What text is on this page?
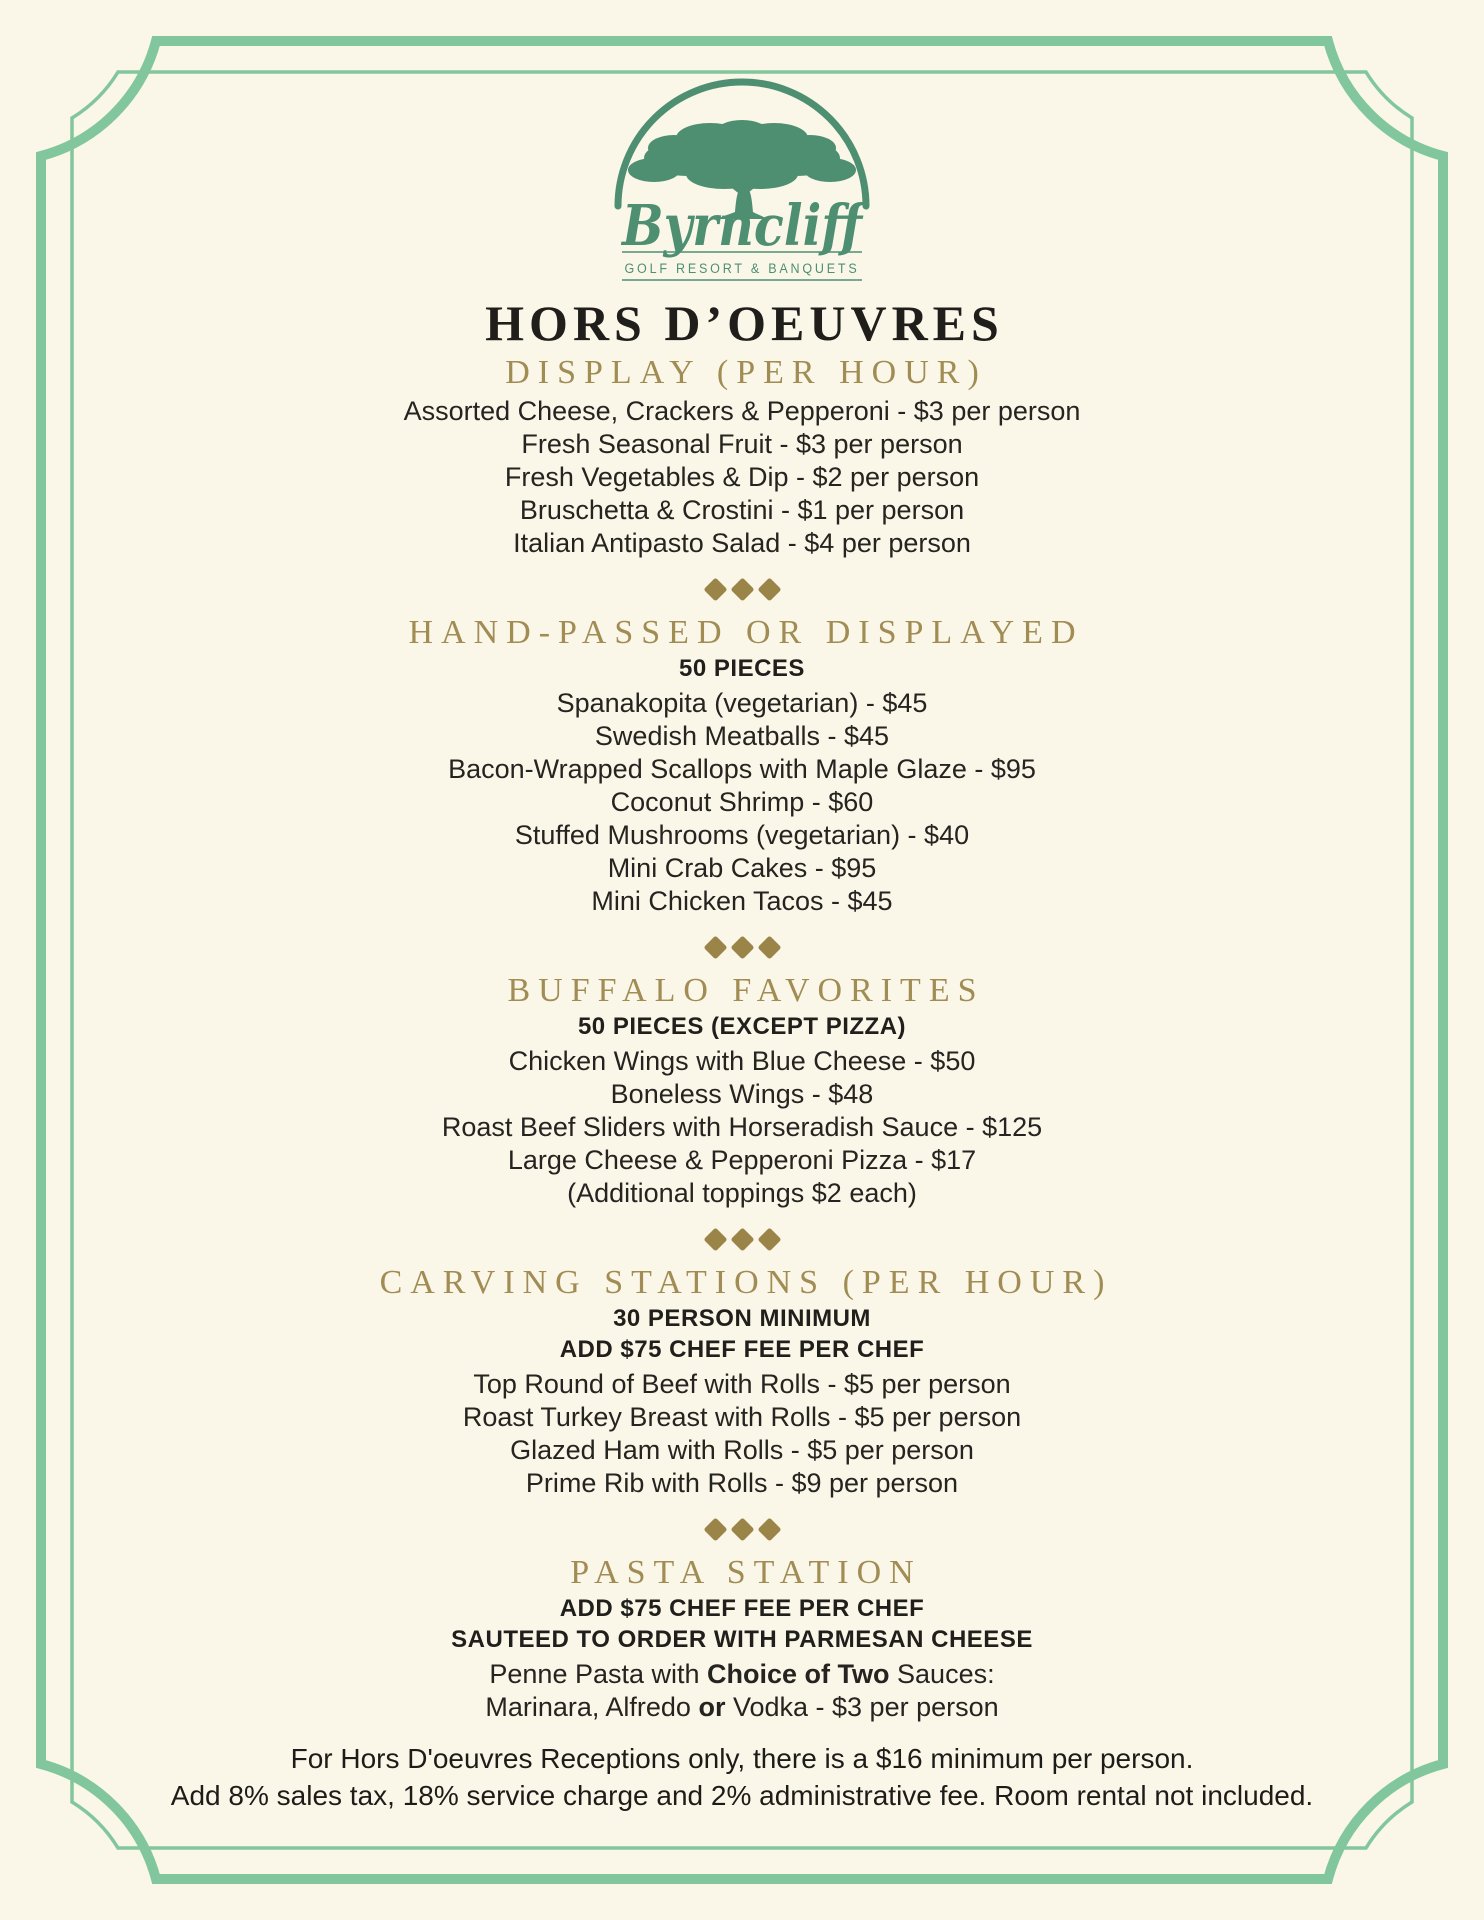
Byrncliff
GOLF RESORT & BANQUETS
HORS D’OEUVRES
DISPLAY (PER HOUR)
Assorted Cheese, Crackers & Pepperoni - $3 per person
Fresh Seasonal Fruit - $3 per person
Fresh Vegetables & Dip - $2 per person
Bruschetta & Crostini - $1 per person
Italian Antipasto Salad - $4 per person
HAND-PASSED OR DISPLAYED
50 PIECES
Spanakopita (vegetarian) - $45
Swedish Meatballs - $45
Bacon-Wrapped Scallops with Maple Glaze - $95
Coconut Shrimp - $60
Stuffed Mushrooms (vegetarian) - $40
Mini Crab Cakes - $95
Mini Chicken Tacos - $45
BUFFALO FAVORITES
50 PIECES (EXCEPT PIZZA)
Chicken Wings with Blue Cheese - $50
Boneless Wings - $48
Roast Beef Sliders with Horseradish Sauce - $125
Large Cheese & Pepperoni Pizza - $17
(Additional toppings $2 each)
CARVING STATIONS (PER HOUR)
30 PERSON MINIMUM
ADD $75 CHEF FEE PER CHEF
Top Round of Beef with Rolls - $5 per person
Roast Turkey Breast with Rolls - $5 per person
Glazed Ham with Rolls - $5 per person
Prime Rib with Rolls - $9 per person
PASTA STATION
ADD $75 CHEF FEE PER CHEF
SAUTEED TO ORDER WITH PARMESAN CHEESE
Penne Pasta with Choice of Two Sauces:
Marinara, Alfredo or Vodka - $3 per person
For Hors D'oeuvres Receptions only, there is a $16 minimum per person.
Add 8% sales tax, 18% service charge and 2% administrative fee. Room rental not included.
